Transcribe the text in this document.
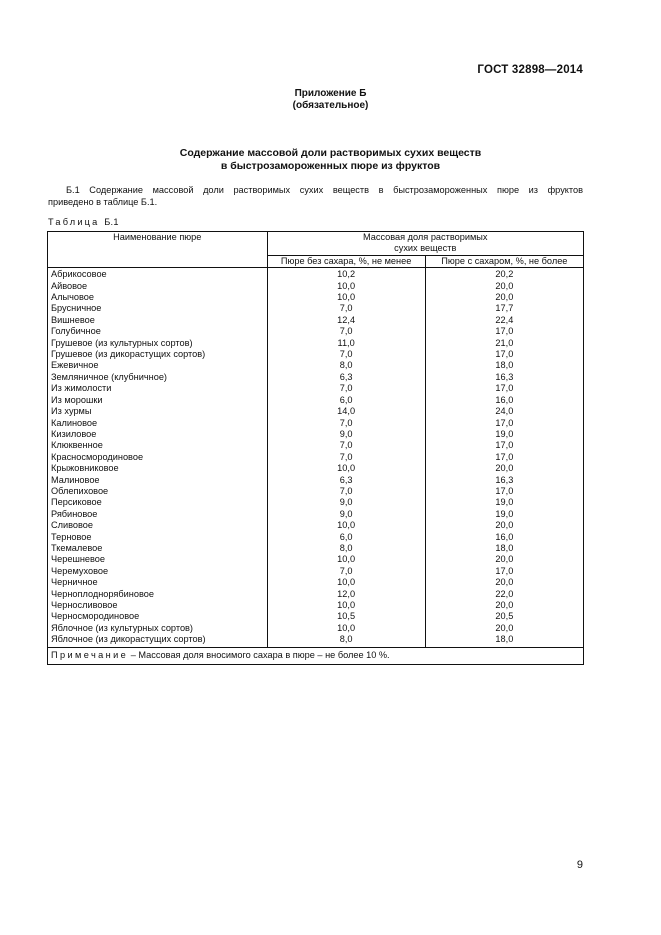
ГОСТ 32898—2014
Приложение Б
(обязательное)
Содержание массовой доли растворимых сухих веществ
в быстрозамороженных пюре из фруктов
Б.1 Содержание массовой доли растворимых сухих веществ в быстрозамороженных пюре из фруктов
приведено в таблице Б.1.
Таблица Б.1
Наименование пюре	Массовая доля растворимых
сухих веществ	

	Пюре без сахара, %, не менее	Пюре с сахаром, %, не более
Абрикосовое	10,2	20,2
Айвовое	10,0	20,0
Алычовое	10,0	20,0
Брусничное	7,0	17,7
Вишневое	12,4	22,4
Голубичное	7,0	17,0
Грушевое (из культурных сортов)	11,0	21,0
Грушевое (из дикорастущих сортов)	7,0	17,0
Ежевичное	8,0	18,0
Земляничное (клубничное)	6,3	16,3
Из жимолости	7,0	17,0
Из морошки	6,0	16,0
Из хурмы	14,0	24,0
Калиновое	7,0	17,0
Кизиловое	9,0	19,0
Клюквенное	7,0	17,0
Красносмородиновое	7,0	17,0
Крыжовниковое	10,0	20,0
Малиновое	6,3	16,3
Облепиховое	7,0	17,0
Персиковое	9,0	19,0
Рябиновое	9,0	19,0
Сливовое	10,0	20,0
Терновое	6,0	16,0
Ткемалевое	8,0	18,0
Черешневое	10,0	20,0
Черемуховое	7,0	17,0
Черничное	10,0	20,0
Черноплоднорябиновое	12,0	22,0
Черносливовое	10,0	20,0
Черносмородиновое	10,5	20,5
Яблочное (из культурных сортов)	10,0	20,0
Яблочное (из дикорастущих сортов)	8,0	18,0
Примечание – Массовая доля вносимого сахара в пюре – не более 10 %.		
9
